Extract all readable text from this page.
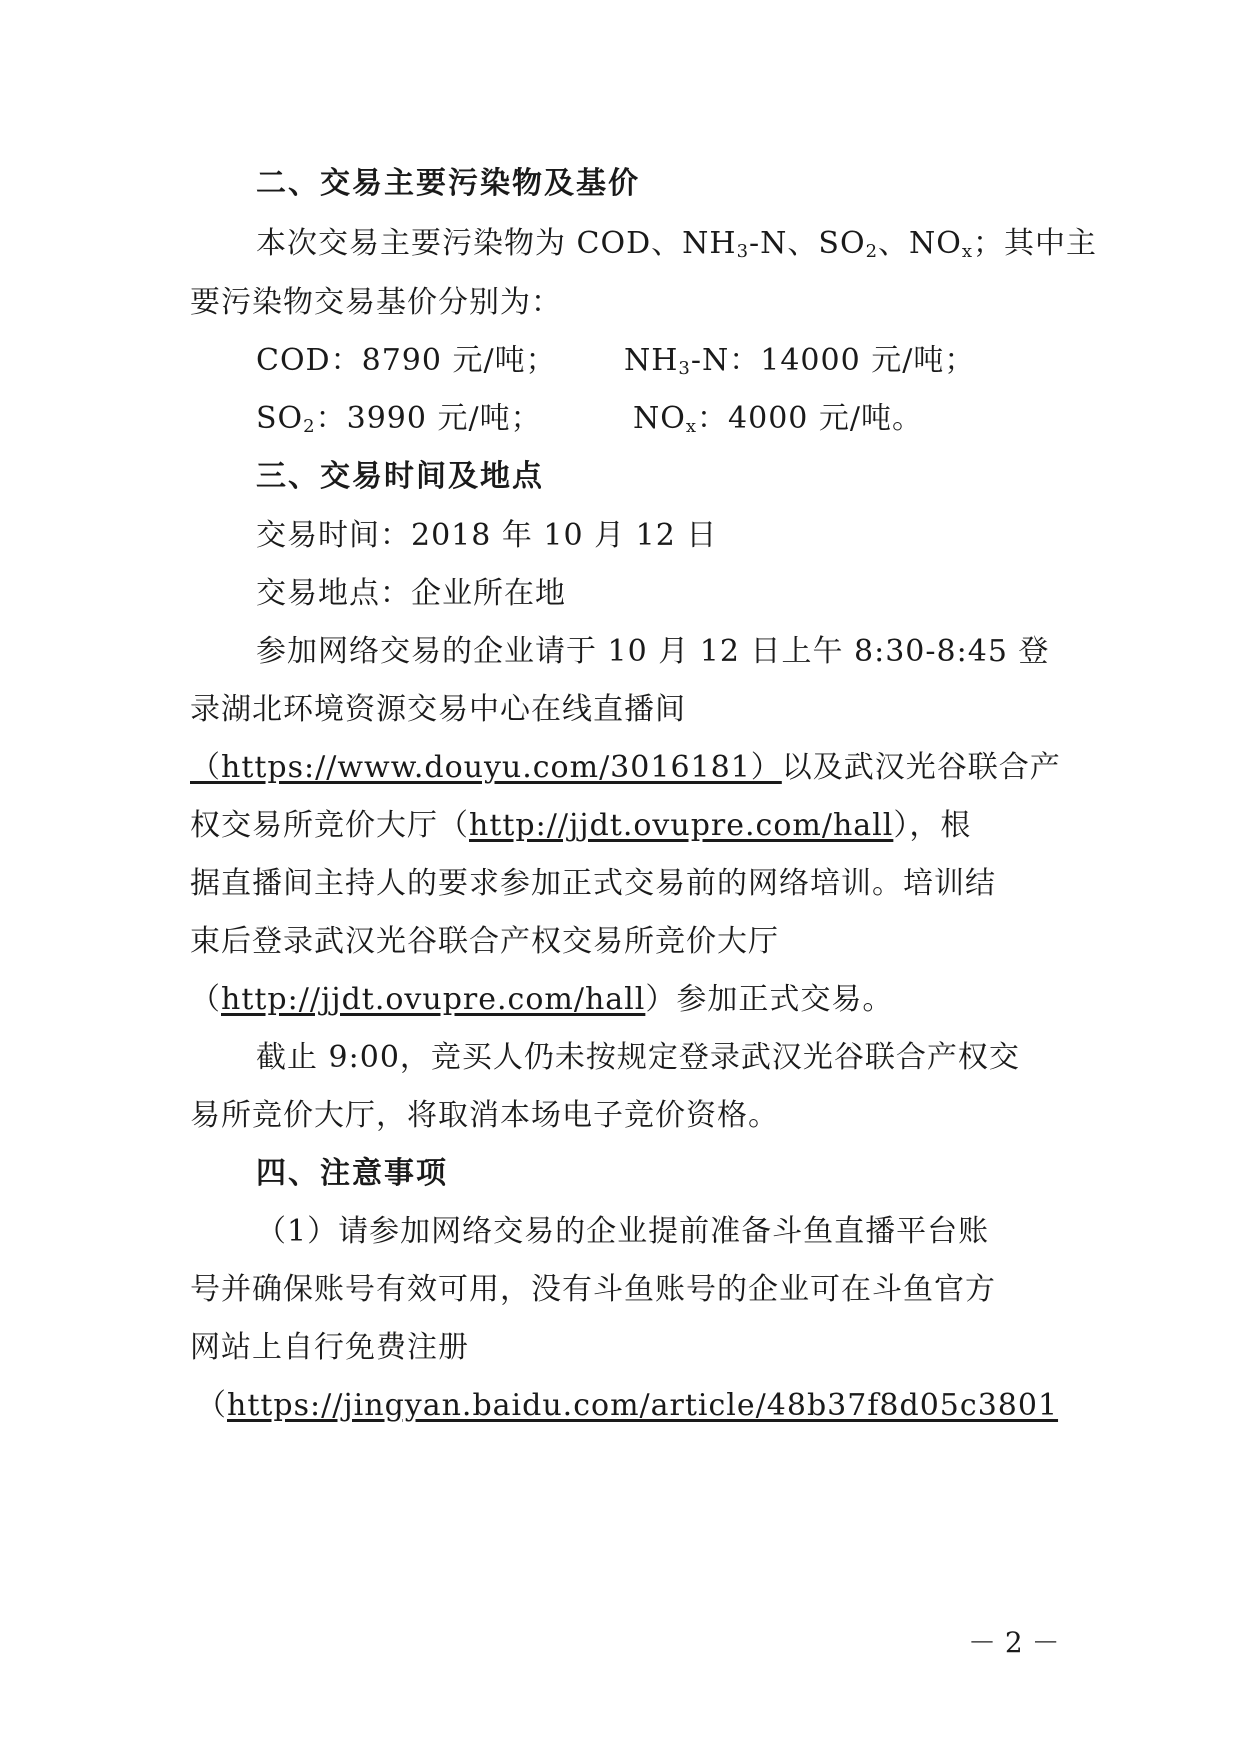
二、交易主要污染物及基价
本次交易主要污染物为 COD、$NH_3-N$、$SO_2$、$NO_x$；其中主
要污染物交易基价分别为：
COD：8790 元/吨； $NH_3-N$：14000 元/吨；
$SO_2$：3990 元/吨；	$NO_x$：4000 元/吨。
三、交易时间及地点
交易时间：2018 年 10 月 12 日
交易地点：企业所在地
参加网络交易的企业请于 10 月 12 日上午 8:30-8:45 登
录湖北环境资源交易中心在线直播间
（https://www.douyu.com/3016181）以及武汉光谷联合产
权交易所竞价大厅（http://jjdt.ovupre.com/hall），根
据直播间主持人的要求参加正式交易前的网络培训。培训结
束后登录武汉光谷联合产权交易所竞价大厅
（http://jjdt.ovupre.com/hall）参加正式交易。
截止 9:00，竞买人仍未按规定登录武汉光谷联合产权交
易所竞价大厅，将取消本场电子竞价资格。
四、注意事项
（1）请参加网络交易的企业提前准备斗鱼直播平台账
号并确保账号有效可用，没有斗鱼账号的企业可在斗鱼官方
网站上自行免费注册
（https://jingyan.baidu.com/article/48b37f8d05c3801
－ 2 －
